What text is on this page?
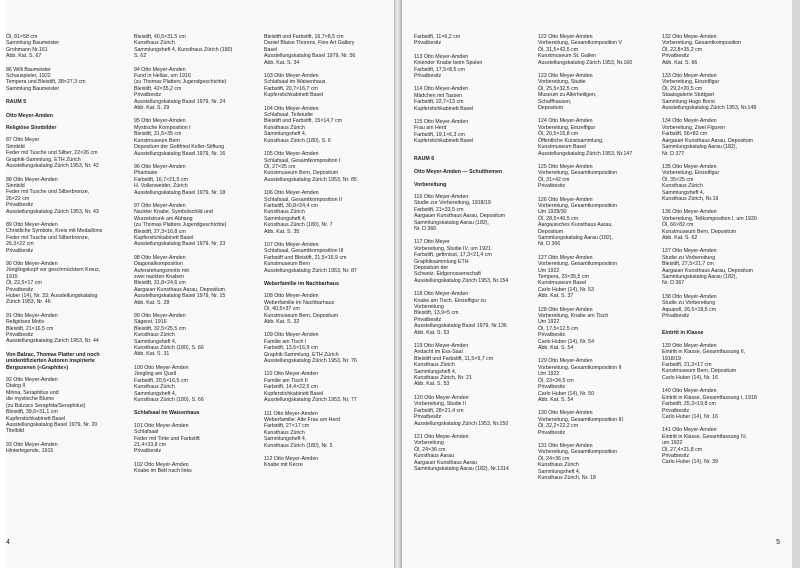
Öl, 81×58 cm
Sammlung Baumeister
Grohmann Nr.161
Abb. Kat. S. 67
86 Willi Baumeister
Schauspieler, 1922
Tempera und Bleistift, 38×27,3 cm
Sammlung Baumeister
RAUM 5
Otto Meyer-Amden
Religiöse Sinnbilder
87 Otto Meyer
Sinnbild
Feder mit Tusche und Silber, 22×26 cm
Graphik-Sammlung, ETH Zürich
Ausstellungskatalog Zürich 1953, Nr. 42
88 Otto Meyer-Amden
Sinnbild
Feder mit Tusche und Silberbronze,
26×22 cm
Privatbesitz
Ausstellungskatalog Zürich 1953, Nr. 43
89 Otto Meyer-Amden
Christliche Symbole, Kreis mit Medaillons
Feder mit Tusche und Silberbronze,
26,3×22 cm
Privatbesitz
90 Otto Meyer-Amden
Jünglingskopf vor geschmücktem Kreuz,
1915
Öl, 22,5×17 cm
Privatbesitz
Huber (14), Nr. 33; Ausstellungskatalog
Zürich 1953, Nr. 46
91 Otto Meyer-Amden
Religiöses Motiv
Bleistift, 21×16,5 cm
Privatbesitz
Ausstellungskatalog Zürich 1953, Nr. 44
Von Balzac, Thomas Platter und noch
unidentifizierten Autoren inspirierte
Bergszenen («Graphite»)
92 Otto Meyer-Amden
Dialog II
Minna, Seraphitus und
die mystische Blume
(zu Balzacs Seraphita/Seraphitus)
Bleistift, 39,6×31,1 cm
Kupferstichkabinett Basel
Ausstellungskatalog Basel 1979, Nr. 20
Titelbild
93 Otto Meyer-Amden
Hinterlegende, 1915
Bleistift, 40,5×31,5 cm
Kunsthaus Zürich
Sammlungsheft 4, Kunsthaus Zürich (180)
S. 62
94 Otto Meyer-Amden
Fund in Hellas, um 1916
(zu Thomas Platters Jugendgeschichte)
Bleistift, 42×35,2 cm
Privatbesitz
Ausstellungskatalog Basel 1979, Nr. 24
Abb. Kat. S. 29
95 Otto Meyer-Amden
Mystische Komposition I
Bleistift, 31,5×35 cm
Kunstmuseum Bern
Depositum der Gottfried Keller-Stiftung
Ausstellungskatalog Basel 1979, Nr. 16
96 Otto Meyer-Amden
Phantasie
Farbstift, 16,7×21,5 cm
H. Vollenweider, Zürich
Ausstellungskatalog Basel 1979, Nr. 18
97 Otto Meyer-Amden
Nackter Knabe, Symbolschild und
Wurzelstrunk am Abhang
(zu Thomas Platters Jugendgeschichte)
Bleistift, 27,3×16,8 cm
Kupferstichkabinett Basel
Ausstellungskatalog Basel 1979, Nr. 23
98 Otto Meyer-Amden
Diagonalkomposition
Auferstehungsmotiv mit
zwei nackten Knaben
Bleistift, 31,8×24,6 cm
Aargauer Kunsthaus Aarau, Depositum
Ausstellungskatalog Basel 1979, Nr. 15
Abb. Kat. S. 28
99 Otto Meyer-Amden
Sägerei, 1916
Bleistift, 32,5×25,5 cm
Kunsthaus Zürich
Sammlungsheft 4,
Kunsthaus Zürich (180), S. 66
Abb. Kat. S. 31
100 Otto Meyer-Amden
Jüngling am Quell
Farbstift, 20,5×16,5 cm
Kunsthaus Zürich
Sammlungsheft 4,
Kunsthaus Zürich (180), S. 66
Schlafsaal im Waisenhaus
101 Otto Meyer-Amden
Schlafsaal
Feder mit Tinte und Farbstift
21,4×33,8 cm
Privatbesitz
102 Otto Meyer-Amden
Knabe im Bett nach links
Bleistift und Farbstift, 16,7×8,5 cm
Daniel Blaise Thorens, Fine Art Gallery
Basel
Ausstellungskatalog Basel 1979, Nr. 56
Abb. Kat. S. 34
103 Otto Meyer-Amden
Schlafsaal im Waisenhaus
Farbstift, 20,7×16,7 cm
Kupferstichkabinett Basel
104 Otto Meyer-Amden
Schlafsaal, Teilstudie
Bleistift und Farbstift, 15×14,7 cm
Kunsthaus Zürich
Sammlungsheft 4,
Kunsthaus Zürich (180), S. 6
105 Otto Meyer-Amden
Schlafsaal, Gesamtkomposition I
Öl, 27×25 cm
Kunstmuseum Bern, Depositum
Ausstellungskatalog Zürich 1953, Nr. 85
106 Otto Meyer-Amden
Schlafsaal, Gesamtkomposition II
Farbstift, 30,8×24,4 cm
Kunsthaus Zürich
Sammlungsheft 4,
Kunsthaus Zürich (180), Nr. 7
Abb. Kat. S. 35
107 Otto Meyer-Amden
Schlafsaal, Gesamtkomposition III
Farbstift und Bleistift, 21,5×16,9 cm
Kunstmuseum Bern
Ausstellungskatalog Zürich 1953, Nr. 87
Weberfamilie im Nachbarhaus
108 Otto Meyer-Amden
Weberfamilie im Nachbarhaus
Öl, 40,5×37 cm
Kunstmuseum Bern, Depositum
Abb. Kat. S. 32
109 Otto Meyer-Amden
Familie am Tisch I
Farbstift, 13,6×16,9 cm
Graphik-Sammlung, ETH Zürich
Ausstellungskatalog Zürich 1953, Nr. 76
110 Otto Meyer-Amden
Familie am Tisch II
Farbstift, 14,4×22,5 cm
Kupferstichkabinett Basel
Ausstellungskatalog Zürich 1953, Nr. 77
111 Otto Meyer-Amden
Weberfamilie: Alte Frau am Herd
Farbstift, 27×17 cm
Kunsthaus Zürich
Sammlungsheft 4,
Kunsthaus Zürich (180), Nr. 5
112 Otto Meyer-Amden
Knabe mit Kerze
4
Farbstift, 11×6,2 cm
Privatbesitz
113 Otto Meyer-Amden
Kniender Knabe beim Spulen
Farbstift, 17,5×8,5 cm
Privatbesitz
114 Otto Meyer-Amden
Mädchen mit Tassen
Farbstift, 22,7×13 cm
Kupferstichkabinett Basel
115 Otto Meyer-Amden
Frau am Herd
Farbstift, 19,1×6,3 cm
Kupferstichkabinett Basel
RAUM 6
Otto Meyer-Amden — Schulthemen
Vorbereitung
116 Otto Meyer-Amden
Studie zur Vorbereitung, 1918/19
Farbstift, 21×33,5 cm
Aargauer Kunsthaus Aarau, Depositum
Sammlungskatalog Aarau (182),
Nr. D 366
117 Otto Meyer
Vorbereitung, Studie IV, um 1921
Farbstift, gefirnisst, 17,3×21,4 cm
Graphiksammlung ETH
Depositum der
Schweiz. Eidgenossenschaft
Ausstellungskatalog Zürich 1953, Nr.154
118 Otto Meyer-Amden
Knabe am Tisch. Einzelfigur zu
Vorbereitung
Bleistift, 13,9×5 cm
Privatbesitz
Ausstellungskatalog Basel 1979, Nr.136
Abb. Kat. S. 53
119 Otto Meyer-Amden
Andacht im Ess-Saal
Bleistift und Farbstift, 11,5×9,7 cm
Kunsthaus Zürich
Sammlungsheft 4,
Kunsthaus Zürich, Nr. 21
Abb. Kat. S. 53
120 Otto Meyer-Amden
Vorbereitung, Studie II
Farbstift, 28×21,4 cm
Privatbesitz
Ausstellungskatalog Zürich 1953, Nr.150
121 Otto Meyer-Amden
Vorbereitung
Öl, 24×36 cm
Kunsthaus Aarau
Aargauer Kunsthaus Aarau
Sammlungskatalog Aarau (182), Nr.1314
122 Otto Meyer-Amden
Vorbereitung, Gesamtkomposition V
Öl, 31,5×42,5 cm
Kunstmuseum St. Gallen
Ausstellungskatalog Zürich 1953, Nr.160
123 Otto Meyer-Amden
Vorbereitung, Studie
Öl, 25,5×32,5 cm
Museum zu Allerheiligen,
Schaffhausen,
Depositum
124 Otto Meyer-Amden
Vorbereitung, Einzelfigur
Öl, 20,5×15,8 cm
Öffentliche Kunstsammlung,
Kunstmuseum Basel
Ausstellungskatalog Zürich 1953, Nr.147
125 Otto Meyer-Amden
Vorbereitung, Gesamtkomposition
Öl, 31×42 cm
Privatbesitz
126 Otto Meyer-Amden
Vorbereitung, Gesamtkomposition
Um 1928/30
Öl, 28,5×40,5 cm
Aargauisches Kunsthaus Aarau,
Depositum
Sammlungskatalog Aarau (182),
Nr. D 366
127 Otto Meyer-Amden
Vorbereitung, Gesamtkomposition
Um 1922
Tempera, 23×35,5 cm
Kunstmuseum Basel
Carlo Huber (14), Nr. 53
Abb. Kat. S. 37
128 Otto Meyer-Amden
Vorbereitung, Knabe am Tisch
Um 1922
Öl, 17,5×12,5 cm
Privatbesitz
Carlo Huber (14), Nr. 54
Abb. Kat. S. 54
129 Otto Meyer-Amden
Vorbereitung, Gesamtkomposition II
Um 1922
Öl, 23×34,5 cm
Privatbesitz
Carlo Huber (14), Nr. 50
Abb. Kat. S. 54
130 Otto Meyer-Amden
Vorbereitung, Gesamtkomposition III
Öl, 32,2×22,2 cm
Privatbesitz
131 Otto Meyer-Amden
Vorbereitung, Gesamtkomposition
Öl, 24×36 cm
Kunsthaus Zürich
Sammlungsheft 4,
Kunsthaus Zürich, Nr. 18
132 Otto Meyer-Amden
Vorbereitung, Gesamtkomposition
Öl, 22,8×35,2 cm
Privatbesitz
Abb. Kat. S. 66
133 Otto Meyer-Amden
Vorbereitung, Einzelfigur
Öl, 29,2×20,5 cm
Staatsgalerie Stuttgart
Sammlung Hugo Borst
Ausstellungskatalog Zürich 1953, Nr.148
134 Otto Meyer-Amden
Vorbereitung, Zwei Figuren
Farbstift, 56×82 cm
Aargauer Kunsthaus Aarau, Depositum
Sammlungskatalog Aarau (182),
Nr. D 377
135 Otto Meyer-Amden
Vorbereitung, Einzelfigur
Öl, 35×25 cm
Kunsthaus Zürich
Sammlungsheft 4,
Kunsthaus Zürich, Nr.19
136 Otto Meyer-Amden
Vorbereitung, Teilkomposition I, um 1930
Öl, 66×82 cm
Kunstmuseum Bern, Depositum
Abb. Kat. S. 62
137 Otto Meyer-Amden
Studie zu Vorbereitung
Bleistift, 27,5×21,7 cm
Aargauer Kunsthaus Aarau, Depositum
Sammlungskatalog Aarau (182),
Nr. D 367
138 Otto Meyer-Amden
Studie zu Vorbereitung
Aquarell, 26,5×18,5 cm
Privatbesitz
Eintritt in Klasse
139 Otto Meyer-Amden
Eintritt in Klasse, Gesamtfassung II,
1918/19
Farbstift, 21,3×17 cm
Kunstmuseum Bern, Depositum
Carlo Huber (14), Nr. 16
140 Otto Meyer-Amden
Eintritt in Klasse, Gesamtfassung I, 1918
Farbstift, 25,3×19,8 cm
Privatbesitz
Carlo Huber (14), Nr. 16
141 Otto Meyer-Amden
Eintritt in Klasse, Gesamtfassung IV,
um 1922
Öl, 27,4×21,8 cm
Privatbesitz
Carlo Huber (14), Nr. 39
5
